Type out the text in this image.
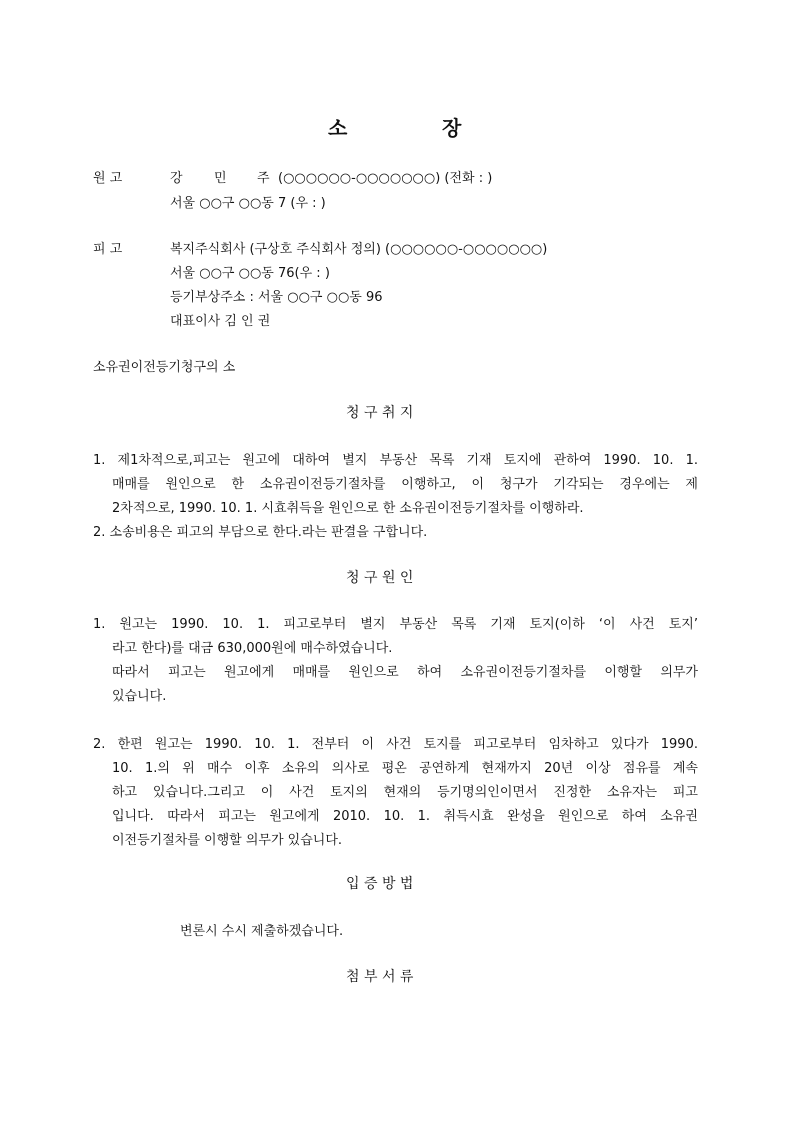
소	장
원 고	강 민 주 (○○○○○○-○○○○○○○) (전화 : )
서울 ○○구 ○○동 7 (우 : )
피 고	복지주식회사 (구상호 주식회사 정의) (○○○○○○-○○○○○○○)
서울 ○○구 ○○동 76(우 : )
등기부상주소 : 서울 ○○구 ○○동 96
대표이사 김 인 권
소유권이전등기청구의 소
청 구 취 지
1. 제1차적으로,피고는 원고에 대하여 별지 부동산 목록 기재 토지에 관하여 1990. 10. 1.
매매를 원인으로 한 소유권이전등기절차를 이행하고, 이 청구가 기각되는 경우에는 제
2차적으로, 1990. 10. 1. 시효취득을 원인으로 한 소유권이전등기절차를 이행하라.
2. 소송비용은 피고의 부담으로 한다.라는 판결을 구합니다.
청 구 원 인
1. 원고는 1990. 10. 1. 피고로부터 별지 부동산 목록 기재 토지(이하 ‘이 사건 토지’
라고 한다)를 대금 630,000원에 매수하였습니다.
따라서 피고는 원고에게 매매를 원인으로 하여 소유권이전등기절차를 이행할 의무가
있습니다.
2. 한편 원고는 1990. 10. 1. 전부터 이 사건 토지를 피고로부터 임차하고 있다가 1990.
10. 1.의 위 매수 이후 소유의 의사로 평온 공연하게 현재까지 20년 이상 점유를 계속
하고 있습니다.그리고 이 사건 토지의 현재의 등기명의인이면서 진정한 소유자는 피고
입니다. 따라서 피고는 원고에게 2010. 10. 1. 취득시효 완성을 원인으로 하여 소유권
이전등기절차를 이행할 의무가 있습니다.
입 증 방 법
변론시 수시 제출하겠습니다.
첨 부 서 류
